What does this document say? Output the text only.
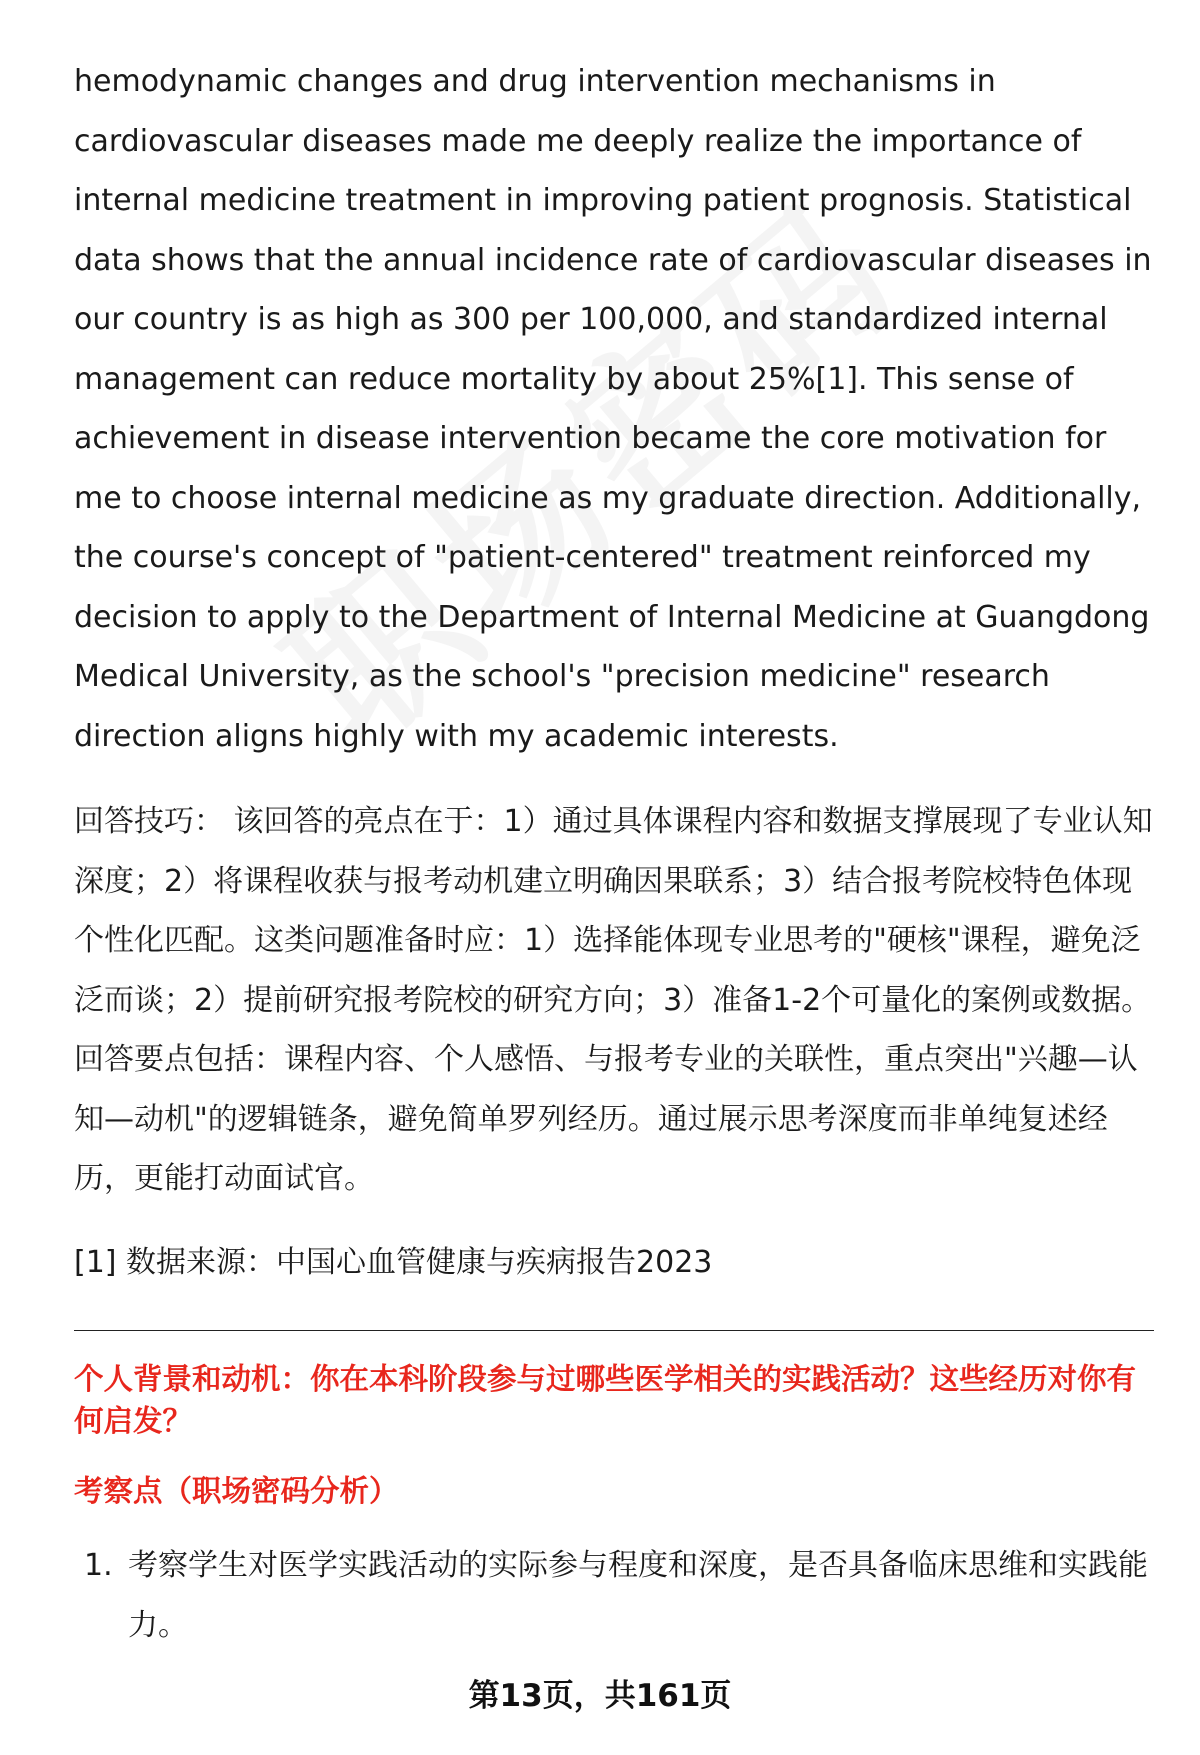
hemodynamic changes and drug intervention mechanisms in cardiovascular diseases made me deeply realize the importance of internal medicine treatment in improving patient prognosis. Statistical data shows that the annual incidence rate of cardiovascular diseases in our country is as high as 300 per 100,000, and standardized internal management can reduce mortality by about 25%[1]. This sense of achievement in disease intervention became the core motivation for me to choose internal medicine as my graduate direction. Additionally, the course's concept of "patient-centered" treatment reinforced my decision to apply to the Department of Internal Medicine at Guangdong Medical University, as the school's "precision medicine" research direction aligns highly with my academic interests.

回答技巧： 该回答的亮点在于：1）通过具体课程内容和数据支撑展现了专业认知深度；2）将课程收获与报考动机建立明确因果联系；3）结合报考院校特色体现个性化匹配。这类问题准备时应：1）选择能体现专业思考的"硬核"课程，避免泛泛而谈；2）提前研究报考院校的研究方向；3）准备1-2个可量化的案例或数据。回答要点包括：课程内容、个人感悟、与报考专业的关联性，重点突出"兴趣—认知—动机"的逻辑链条，避免简单罗列经历。通过展示思考深度而非单纯复述经历，更能打动面试官。

[1] 数据来源：中国心血管健康与疾病报告2023

个人背景和动机：你在本科阶段参与过哪些医学相关的实践活动？这些经历对你有何启发？
考察点（职场密码分析）
1. 考察学生对医学实践活动的实际参与程度和深度，是否具备临床思维和实践能力。
第13页，共161页
